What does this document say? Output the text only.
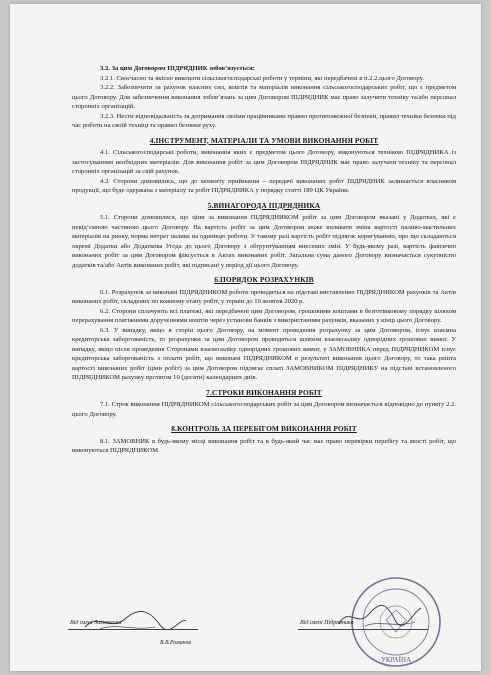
3.2. За цим Договором ПІДРЯДНИК зобов’язується:

3.2.1. Своєчасно та якісно виконати сільськогосподарські роботи у терміни, які передбачені в п.2.2.цього Договору.

3.2.2. Забезпечити за рахунок власних сил, коштів та матеріалів виконання сільськогосподарських робіт, що є предметом цього Договору. Для забезпечення виконання зобов’язань за цим Договором ПІДРЯДНИК має право залучити техніку та/або персонал сторонніх організацій.

3.2.3. Нести відповідальність за дотримання своїми працівниками правил протипожежної безпеки, правил техніки безпеки під час роботи на своїй техніці та правил безпеки руху.

4.ІНСТРУМЕНТ, МАТЕРІАЛИ ТА УМОВИ ВИКОНАННЯ РОБІТ

4.1. Сільськогосподарські роботи, виконання яких є предметом цього Договору, виконуються технікою ПІДРЯДНИКА із застосуванням необхідних матеріалів. Для виконання робіт за цим Договором ПІДРЯДНИК має право залучати техніку та персонал сторонніх організацій за свій рахунок.

4.2. Сторони домовились, що до моменту приймання – передачі виконаних робіт ПІДРЯДНИК залишається власником продукції, що буде одержана з матеріалу та робіт ПІДРЯДНИКА у порядку статті 189 ЦК України.

5.ВИНАГОРОДА ПІДРЯДНИКА

5.1. Сторони домовилися, що ціни за виконання ПІДРЯДНИКОМ робіт за цим Договором вказані у Додатках, які є невід’ємною частиною цього Договору. На вартість робіт за цим Договором може впливати зміна вартості паливо-мастильних матеріалів на ринку, норма витрат палива на одиницю роботи. У такому разі вартість робіт підлягає коригуванню, про що складаються окремі Додатки або Додаткова Угода до цього Договору з обгрунтуванням внесених змін. У будь-якому разі, вартість фактично виконаних робіт за цим Договором фіксується в Актах виконаних робіт. Загальна сума даного Договору визначається сукупністю додатків та/або Актів виконаних робіт, які підписані у період дії цього Договору.

6.ПОРЯДОК РОЗРАХУНКІВ

6.1. Розрахунок за виконані ПІДРЯДНИКОМ роботи проводиться на підставі виставлених ПІДРЯДНИКОМ рахунків та Актів виконаних робіт, складених по кожному етапу робіт, у термін до 10 жовтня 2020 р.

6.2. Сторони сплачують всі платежі, які передбачені цим Договором, грошовими коштами в безготівковому порядку шляхом перерахування платіжними дорученнями коштів через установи банків з використанням рахунків, вказаних у кінці цього Договору.

6.3. У випадку, якщо в сторін цього Договору, на момент проведення розрахунку за цим Договором, існує взаємна кредиторська заборгованість, то розрахунки за цим Договором проводяться шляхом взаємозаліку однорідних грошових вимог. У випадку, якщо після проведення Сторонами взаємозаліку однорідних грошових вимог, у ЗАМОВНИКА перед ПІДРЯДНИКОМ існує кредиторська заборгованість з оплати робіт, що виконані ПІДРЯДНИКОМ в результаті виконання цього Договору, то така решта вартості виконаних робіт (ціни робіт) за цим Договором підлягає сплаті ЗАМОВНИКОМ ПІДРЯДНИКУ на підставі встановленого ПІДРЯДНИКОМ рахунку протягом 10 (десяти) календарних днів.

7.СТРОКИ ВИКОНАННЯ РОБІТ

7.1. Строк виконання ПІДРЯДНИКОМ сільськогосподарських робіт за цим Договором визначається відповідно до пункту 2.2. цього Договору.

8.КОНТРОЛЬ ЗА ПЕРЕБІГОМ ВИКОНАННЯ РОБІТ

8.1. ЗАМОВНИК в будь-якому місці виконання робіт та в будь-який час має право перевірки перебігу та якості робіт, що виконуються ПІДРЯДНИКОМ.

УКРАЇНА
Від імені Замовника
В.В.Романов
Від імені Підрядника
